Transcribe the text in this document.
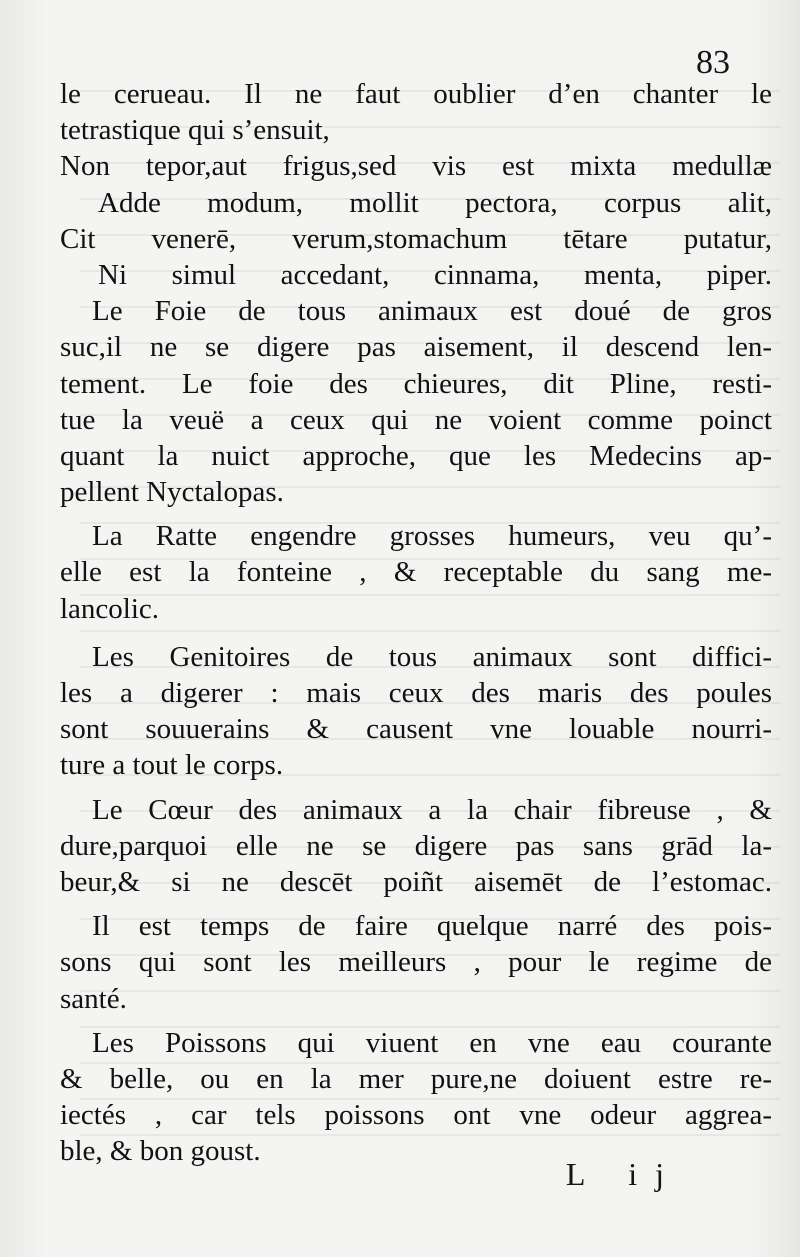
83
le cerueau. Il ne faut oublier d’en chanter le
tetrastique qui s’ensuit,
Non tepor,aut frigus,sed vis est mixta medullæ
Adde modum, mollit pectora, corpus alit,
Cit venerē, verum,stomachum tētare putatur,
Ni simul accedant, cinnama, menta, piper.
Le Foie de tous animaux est doué de gros
suc,il ne se digere pas aisement, il descend len-
tement. Le foie des chieures, dit Pline, resti-
tue la veuë a ceux qui ne voient comme poinct
quant la nuict approche, que les Medecins ap-
pellent Nyctalopas.
La Ratte engendre grosses humeurs, veu qu’-
elle est la fonteine , & receptable du sang me-
lancolic.
Les Genitoires de tous animaux sont diffici-
les a digerer : mais ceux des maris des poules
sont souuerains & causent vne louable nourri-
ture a tout le corps.
Le Cœur des animaux a la chair fibreuse , &
dure,parquoi elle ne se digere pas sans grād la-
beur,& si ne descēt poiñt aisemēt de l’estomac.
Il est temps de faire quelque narré des pois-
sons qui sont les meilleurs , pour le regime de
santé.
Les Poissons qui viuent en vne eau courante
& belle, ou en la mer pure,ne doiuent estre re-
iectés , car tels poissons ont vne odeur aggrea-
ble, & bon goust.
L ij
